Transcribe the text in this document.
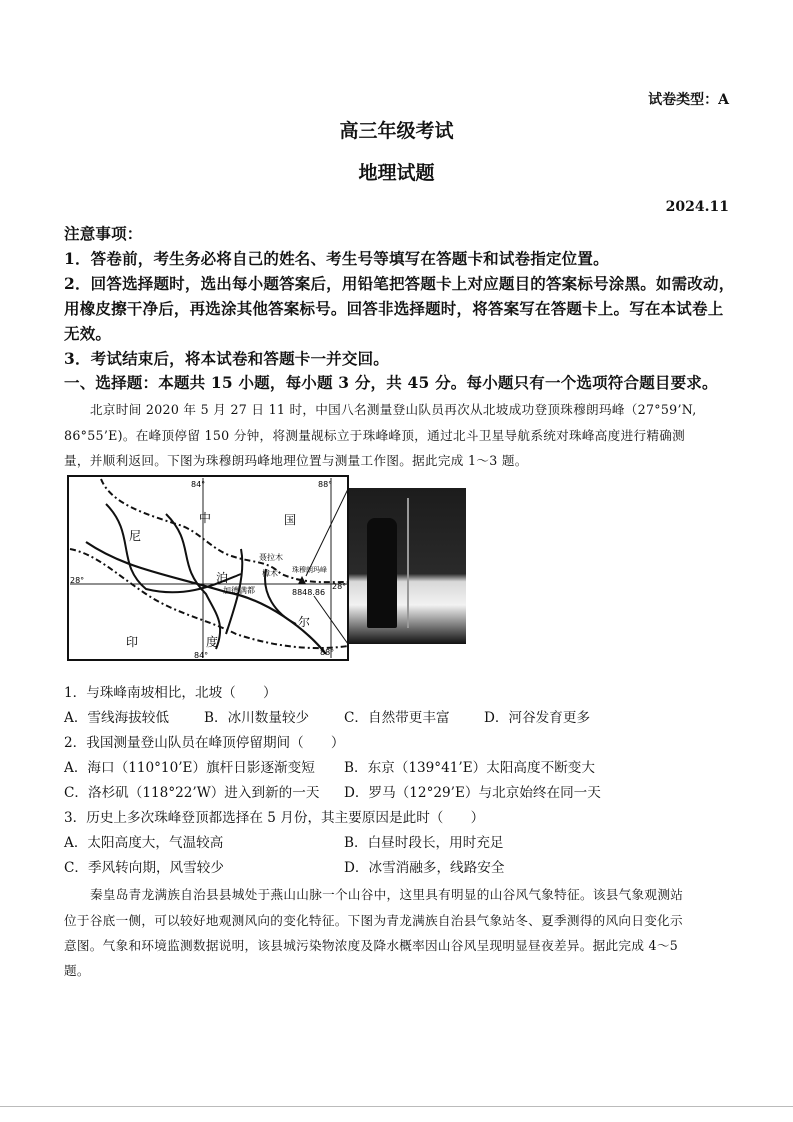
试卷类型：A
高三年级考试
地理试题
2024.11
注意事项：
1．答卷前，考生务必将自己的姓名、考生号等填写在答题卡和试卷指定位置。
2．回答选择题时，选出每小题答案后，用铅笔把答题卡上对应题目的答案标号涂黑。如需改动，
用橡皮擦干净后，再选涂其他答案标号。回答非选择题时，将答案写在答题卡上。写在本试卷上
无效。
3．考试结束后，将本试卷和答题卡一并交回。
一、选择题：本题共 15 小题，每小题 3 分，共 45 分。每小题只有一个选项符合题目要求。
北京时间 2020 年 5 月 27 日 11 时，中国八名测量登山队员再次从北坡成功登顶珠穆朗玛峰（27°59’N,
86°55’E)。在峰顶停留 150 分钟，将测量觇标立于珠峰峰顶，通过北斗卫星导航系统对珠峰高度进行精确测
量，并顺利返回。下图为珠穆朗玛峰地理位置与测量工作图。据此完成 1～3 题。
84°	88°
84°	88°
28°
28°
中	国
尼
泊
尔
印	度
聂拉木
樟木
加德满都
珠穆朗玛峰
8848.86
1．与珠峰南坡相比，北坡（　　）
A．雪线海拔较低	B．冰川数量较少	C．自然带更丰富	D．河谷发育更多
2．我国测量登山队员在峰顶停留期间（　　）
A．海口（110°10’E）旗杆日影逐渐变短 B．东京（139°41’E）太阳高度不断变大
C．洛杉矶（118°22’W）进入到新的一天 D．罗马（12°29’E）与北京始终在同一天
3．历史上多次珠峰登顶都选择在 5 月份，其主要原因是此时（　　）
A．太阳高度大，气温较高	B．白昼时段长，用时充足
C．季风转向期，风雪较少	D．冰雪消融多，线路安全
秦皇岛青龙满族自治县县城处于燕山山脉一个山谷中，这里具有明显的山谷风气象特征。该县气象观测站
位于谷底一侧，可以较好地观测风向的变化特征。下图为青龙满族自治县气象站冬、夏季测得的风向日变化示
意图。气象和环境监测数据说明，该县城污染物浓度及降水概率因山谷风呈现明显昼夜差异。据此完成 4～5
题。
